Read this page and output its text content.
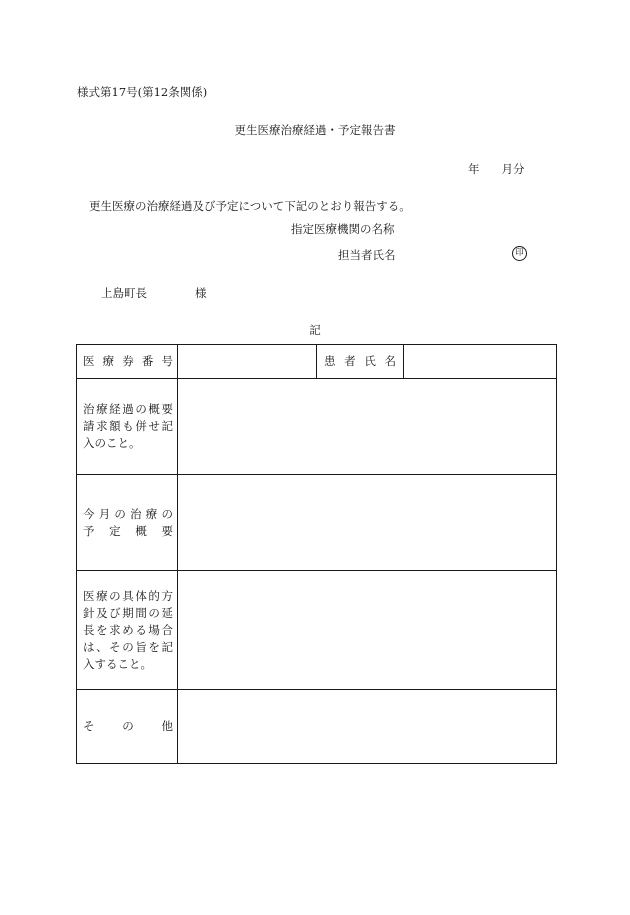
様式第17号(第12条関係)
更生医療治療経過・予定報告書
年 月分
更生医療の治療経過及び予定について下記のとおり報告する。
指定医療機関の名称
担当者氏名	印
上島町長	様
記
医療券番号		患者氏名	

治療経過の概要
請求額も併せ記
入のこと。			

今月の治療の
予定概要			

医療の具体的方
針及び期間の延
長を求める場合
は、その旨を記
入すること。			

その他			
